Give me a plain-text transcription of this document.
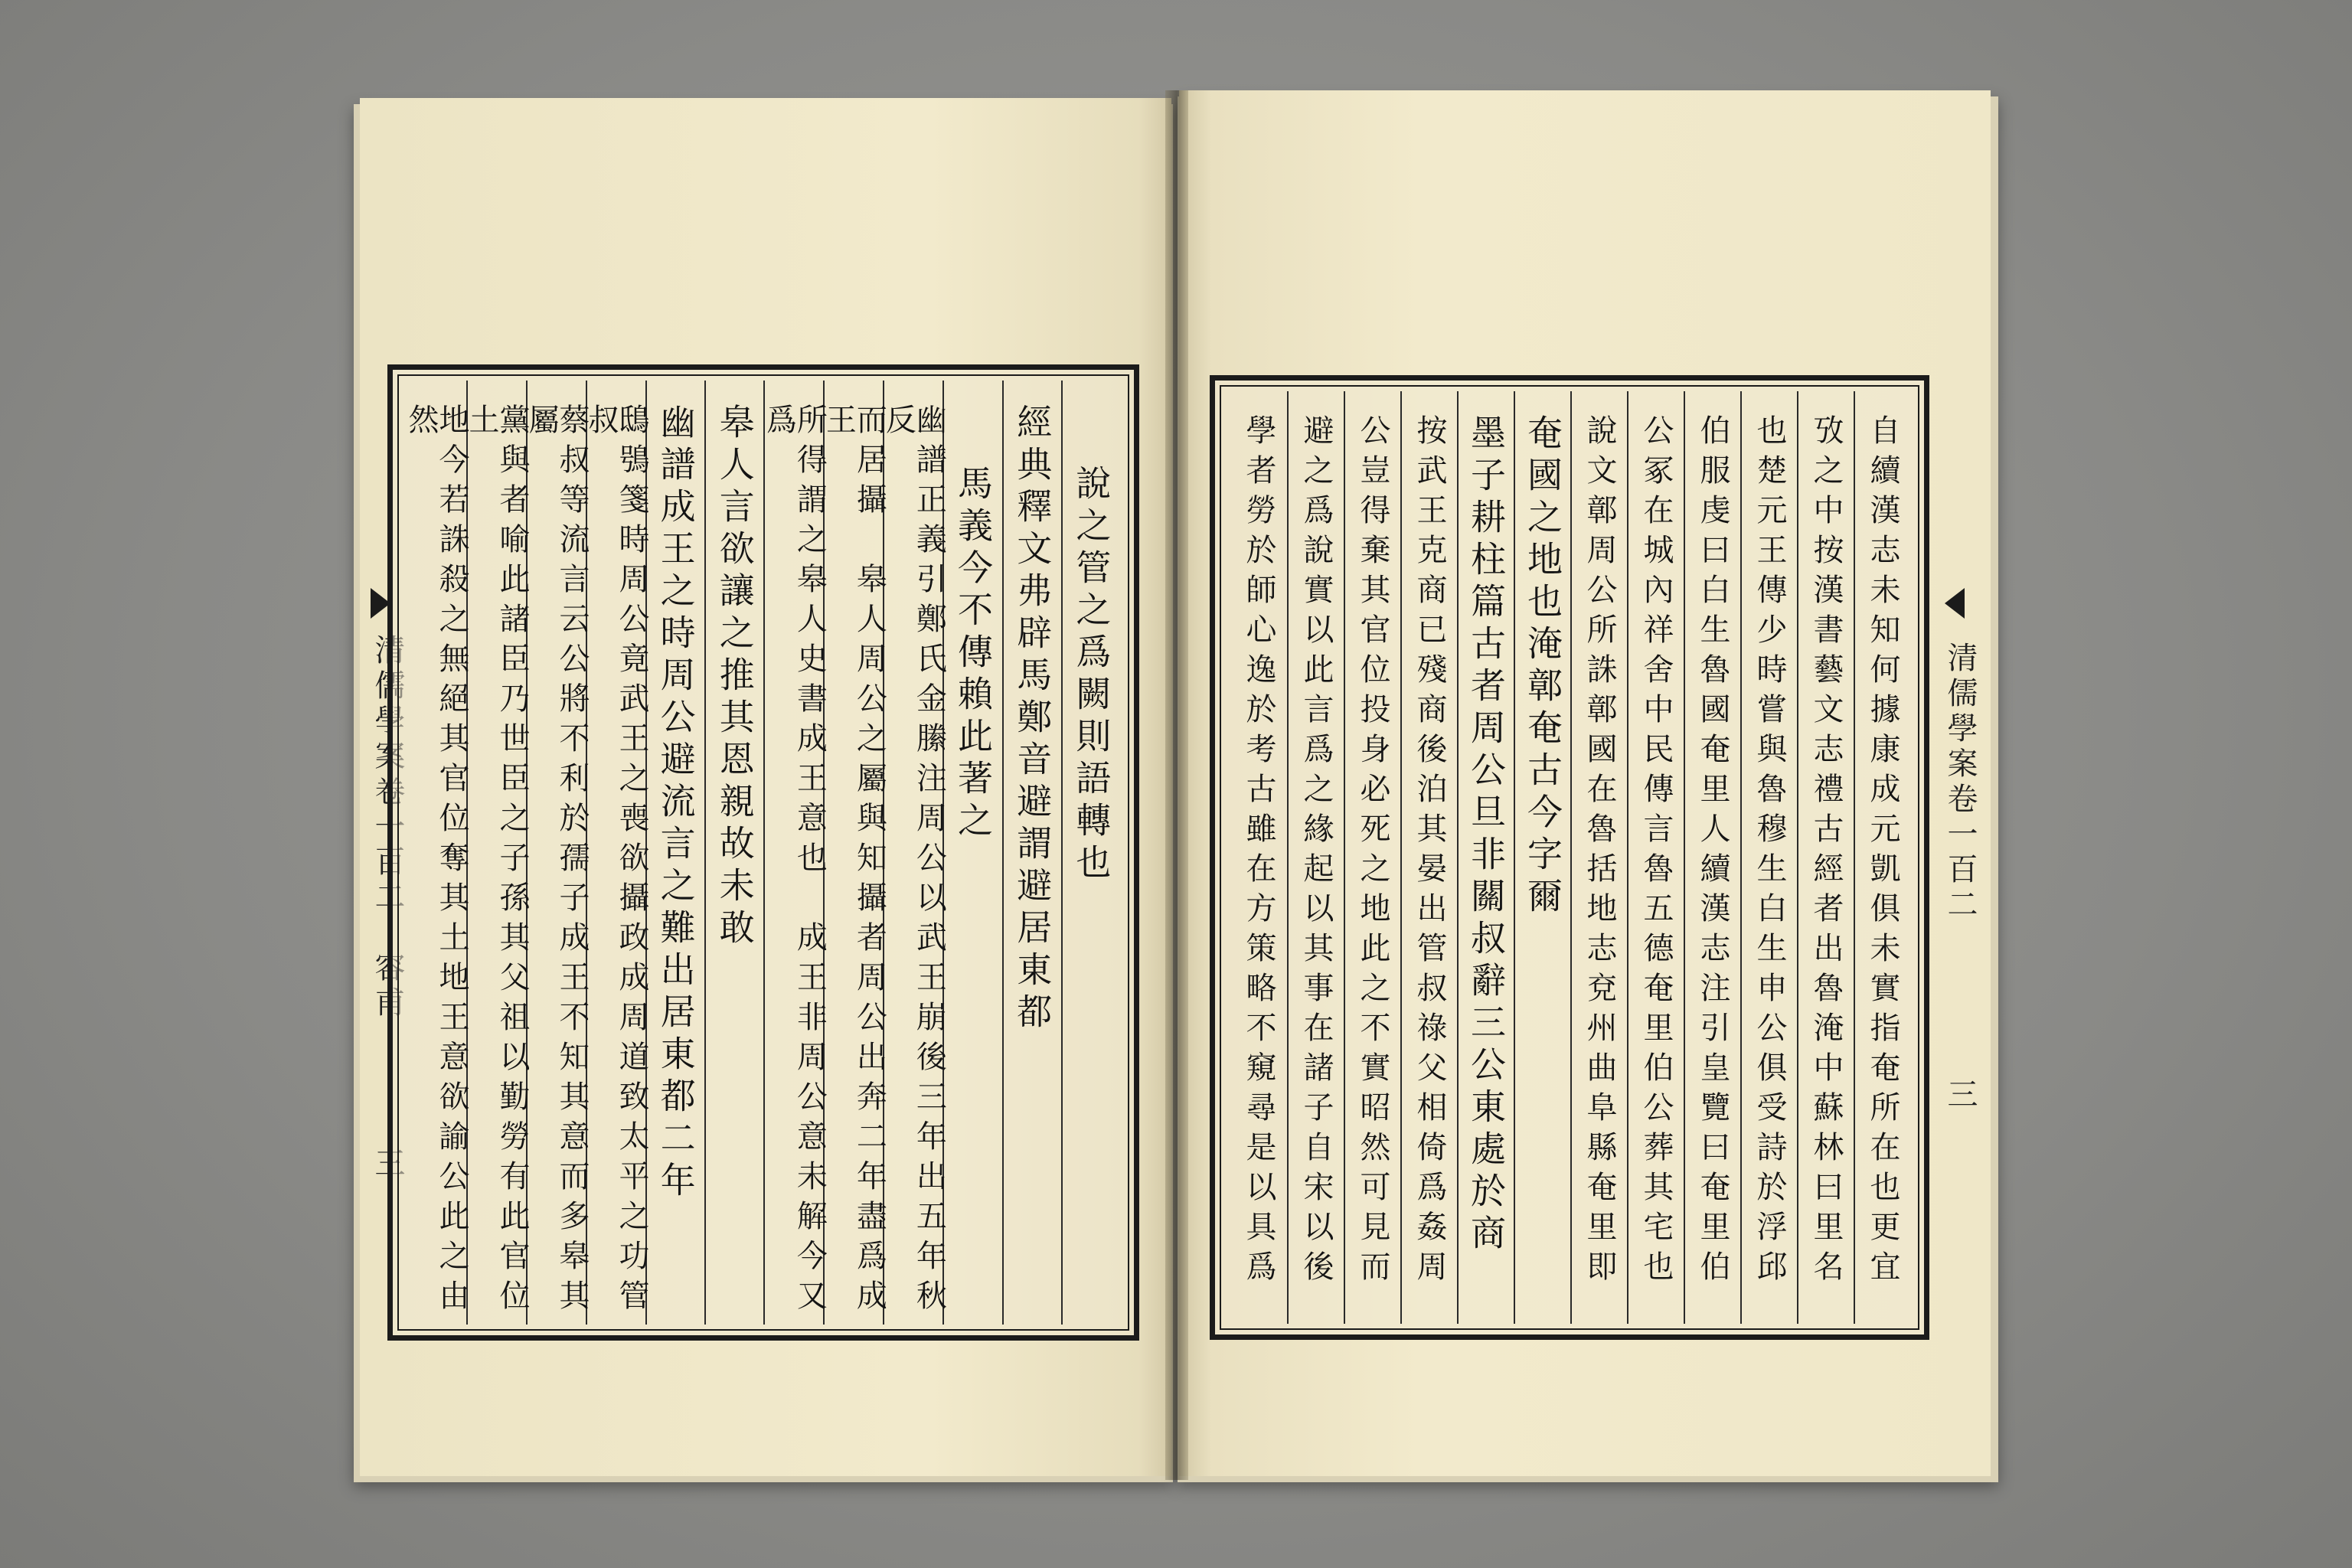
說之管之爲闕則語轉也
經典釋文弗辟馬鄭音避謂避居東都
馬義今不傳賴此著之
幽譜正義引鄭氏金縢注周公以武王崩後三年出五年秋反
而居攝　皋人周公之屬與知攝者周公出奔二年盡爲成王
所得謂之皋人史書成王意也　成王非周公意未解今又爲
皋人言欲讓之推其恩親故未敢
幽譜成王之時周公避流言之難出居東都二年
鴟鴞箋時周公竟武王之喪欲攝政成周道致太平之功管叔
蔡叔等流言云公將不利於孺子成王不知其意而多皋其屬
黨與者喻此諸臣乃世臣之子孫其父祖以勤勞有此官位土
地今若誅殺之無絕其官位奪其土地王意欲諭公此之由然	自續漢志未知何據康成元凱俱未實指奄所在也更宜
攷之中按漢書藝文志禮古經者出魯淹中蘇林曰里名
也楚元王傳少時嘗與魯穆生白生申公俱受詩於浮邱
伯服虔曰白生魯國奄里人續漢志注引皇覽曰奄里伯
公冢在城內祥舍中民傳言魯五德奄里伯公葬其宅也
說文鄣周公所誅鄣國在魯括地志兗州曲阜縣奄里即
奄國之地也淹鄣奄古今字爾
墨子耕柱篇古者周公旦非關叔辭三公東處於商
按武王克商已殘商後泊其晏出管叔祿父相倚爲姦周
公豈得棄其官位投身必死之地此之不實昭然可見而
避之爲說實以此言爲之緣起以其事在諸子自宋以後
學者勞於師心逸於考古雖在方策略不窺尋是以具爲	清儒學案卷一百二
三
